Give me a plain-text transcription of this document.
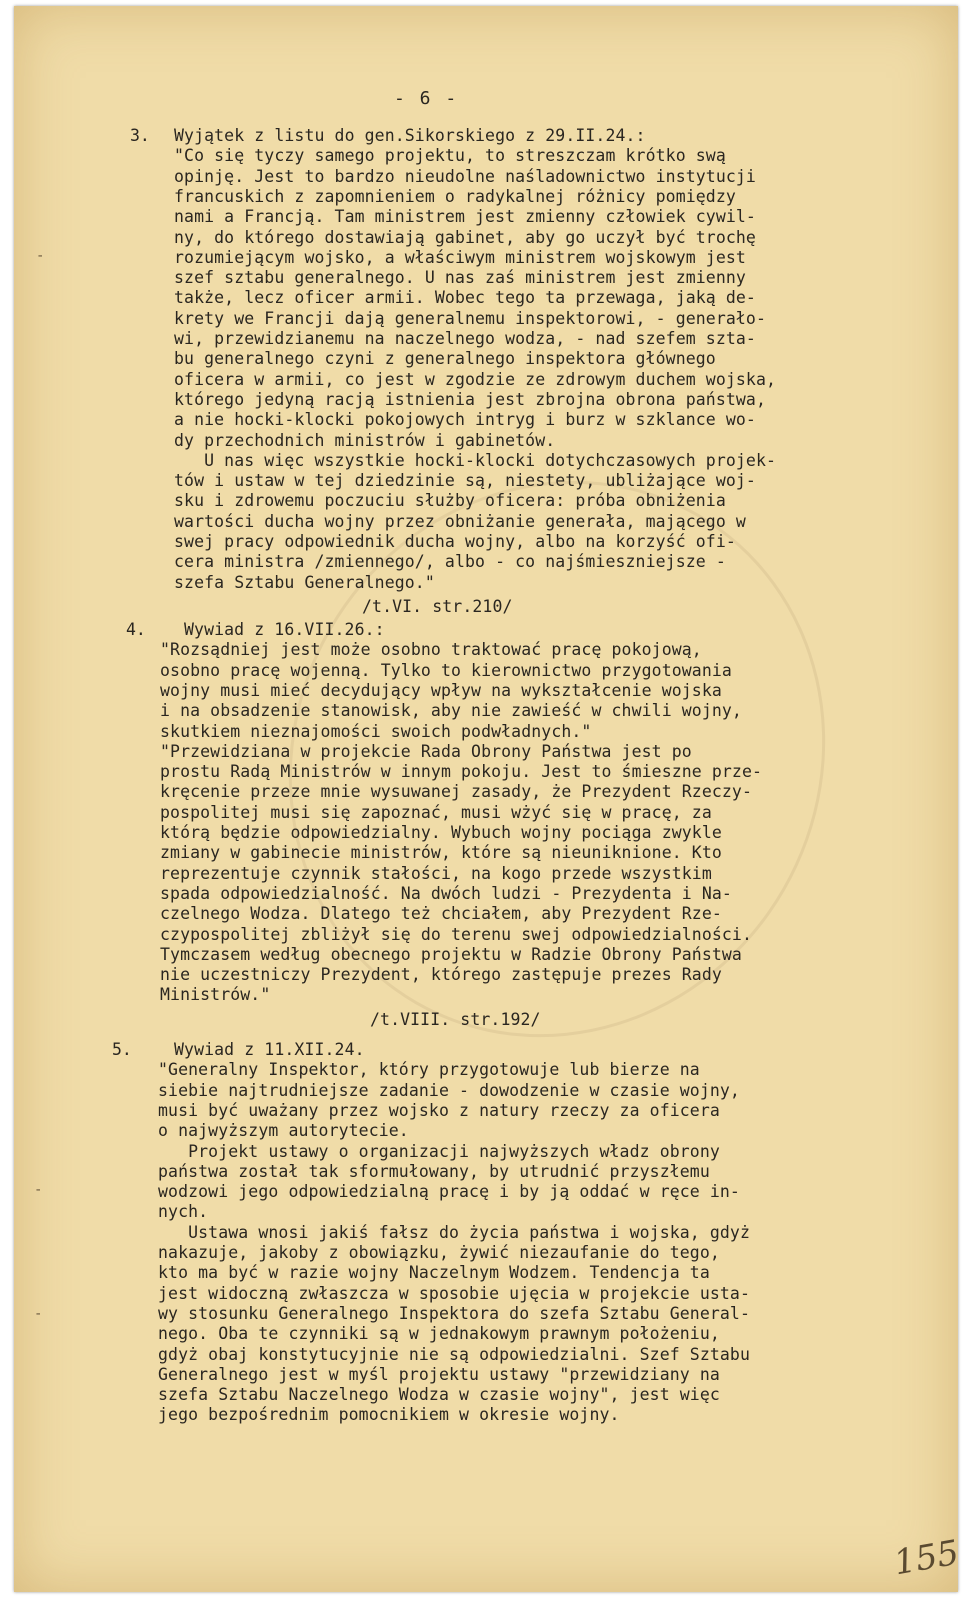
- 6 -
3. Wyjątek z listu do gen.Sikorskiego z 29.II.24.:
"Co się tyczy samego projektu, to streszczam krótko swą
opinję. Jest to bardzo nieudolne naśladownictwo instytucji
francuskich z zapomnieniem o radykalnej różnicy pomiędzy
nami a Francją. Tam ministrem jest zmienny człowiek cywil-
ny, do którego dostawiają gabinet, aby go uczył być trochę
rozumiejącym wojsko, a właściwym ministrem wojskowym jest
szef sztabu generalnego. U nas zaś ministrem jest zmienny
także, lecz oficer armii. Wobec tego ta przewaga, jaką de-
krety we Francji dają generalnemu inspektorowi, - generało-
wi, przewidzianemu na naczelnego wodza, - nad szefem szta-
bu generalnego czyni z generalnego inspektora głównego
oficera w armii, co jest w zgodzie ze zdrowym duchem wojska,
którego jedyną racją istnienia jest zbrojna obrona państwa,
a nie hocki-klocki pokojowych intryg i burz w szklance wo-
dy przechodnich ministrów i gabinetów.
U nas więc wszystkie hocki-klocki dotychczasowych projek-
tów i ustaw w tej dziedzinie są, niestety, ubliżające woj-
sku i zdrowemu poczuciu służby oficera: próba obniżenia
wartości ducha wojny przez obniżanie generała, mającego w
swej pracy odpowiednik ducha wojny, albo na korzyść ofi-
cera ministra /zmiennego/, albo - co najśmieszniejsze -
szefa Sztabu Generalnego."
/t.VI. str.210/
4. Wywiad z 16.VII.26.:
"Rozsądniej jest może osobno traktować pracę pokojową,
osobno pracę wojenną. Tylko to kierownictwo przygotowania
wojny musi mieć decydujący wpływ na wykształcenie wojska
i na obsadzenie stanowisk, aby nie zawieść w chwili wojny,
skutkiem nieznajomości swoich podwładnych."
"Przewidziana w projekcie Rada Obrony Państwa jest po
prostu Radą Ministrów w innym pokoju. Jest to śmieszne prze-
kręcenie przeze mnie wysuwanej zasady, że Prezydent Rzeczy-
pospolitej musi się zapoznać, musi wżyć się w pracę, za
którą będzie odpowiedzialny. Wybuch wojny pociąga zwykle
zmiany w gabinecie ministrów, które są nieuniknione. Kto
reprezentuje czynnik stałości, na kogo przede wszystkim
spada odpowiedzialność. Na dwóch ludzi - Prezydenta i Na-
czelnego Wodza. Dlatego też chciałem, aby Prezydent Rze-
czypospolitej zbliżył się do terenu swej odpowiedzialności.
Tymczasem według obecnego projektu w Radzie Obrony Państwa
nie uczestniczy Prezydent, którego zastępuje prezes Rady
Ministrów."
/t.VIII. str.192/
5.	Wywiad z 11.XII.24.
"Generalny Inspektor, który przygotowuje lub bierze na
siebie najtrudniejsze zadanie - dowodzenie w czasie wojny,
musi być uważany przez wojsko z natury rzeczy za oficera
o najwyższym autorytecie.
Projekt ustawy o organizacji najwyższych władz obrony
państwa został tak sformułowany, by utrudnić przyszłemu
wodzowi jego odpowiedzialną pracę i by ją oddać w ręce in-
nych.
Ustawa wnosi jakiś fałsz do życia państwa i wojska, gdyż
nakazuje, jakoby z obowiązku, żywić niezaufanie do tego,
kto ma być w razie wojny Naczelnym Wodzem. Tendencja ta
jest widoczną zwłaszcza w sposobie ujęcia w projekcie usta-
wy stosunku Generalnego Inspektora do szefa Sztabu General-
nego. Oba te czynniki są w jednakowym prawnym położeniu,
gdyż obaj konstytucyjnie nie są odpowiedzialni. Szef Sztabu
Generalnego jest w myśl projektu ustawy "przewidziany na
szefa Sztabu Naczelnego Wodza w czasie wojny", jest więc
jego bezpośrednim pomocnikiem w okresie wojny.
-
-
-
155
